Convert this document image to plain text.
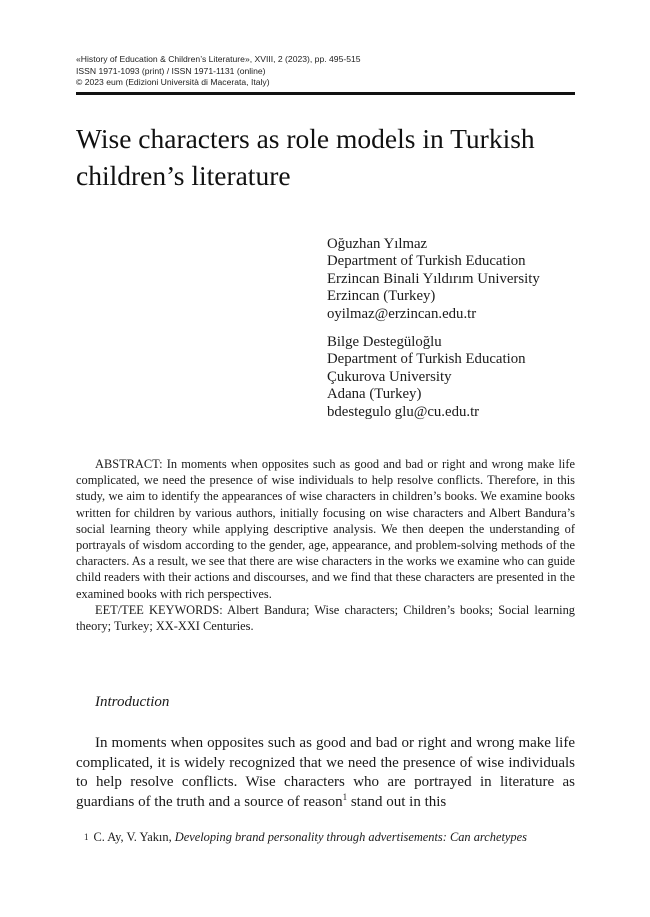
«History of Education & Children’s Literature», XVIII, 2 (2023), pp. 495-515
ISSN 1971-1093 (print) / ISSN 1971-1131 (online)
© 2023 eum (Edizioni Università di Macerata, Italy)
Wise characters as role models in Turkish children’s literature
Oğuzhan Yılmaz
Department of Turkish Education
Erzincan Binali Yıldırım University
Erzincan (Turkey)
oyilmaz@erzincan.edu.tr
Bilge Destegüloğlu
Department of Turkish Education
Çukurova University
Adana (Turkey)
bdestegulo glu@cu.edu.tr

ABSTRACT: In moments when opposites such as good and bad or right and wrong make life complicated, we need the presence of wise individuals to help resolve conflicts. Therefore, in this study, we aim to identify the appearances of wise characters in children’s books. We examine books written for children by various authors, initially focusing on wise characters and Albert Bandura’s social learning theory while applying descriptive analysis. We then deepen the understanding of portrayals of wisdom according to the gender, age, appearance, and problem-solving methods of the characters. As a result, we see that there are wise characters in the works we examine who can guide child readers with their actions and discourses, and we find that these characters are presented in the examined books with rich perspectives.

EET/TEE KEYWORDS: Albert Bandura; Wise characters; Children’s books; Social learning theory; Turkey; XX-XXI Centuries.

Introduction

In moments when opposites such as good and bad or right and wrong make life complicated, it is widely recognized that we need the presence of wise individuals to help resolve conflicts. Wise characters who are portrayed in literature as guardians of the truth and a source of reason$^1$ stand out in this

1 C. Ay, V. Yakın, Developing brand personality through advertisements: Can archetypes
